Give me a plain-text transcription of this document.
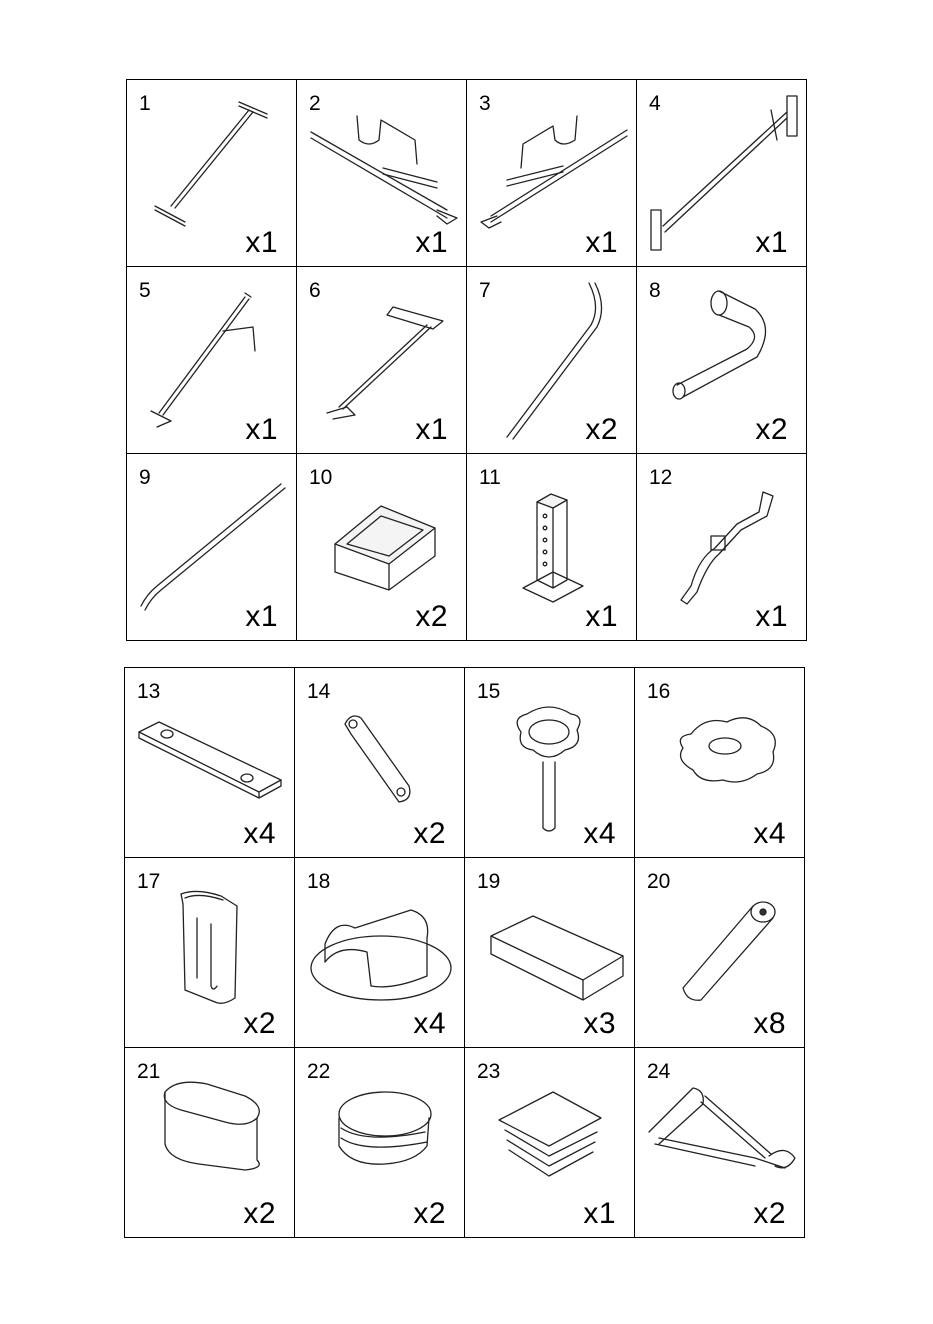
1
x1
2
x1
3
x1
4
x1
5
x1
6
x1
7
x2
8
x2
9
x1
10
x2
11
x1
12
x1
13
x4
14
x2
15
x4
16
x4
17
x2
18
x4
19
x3
20
x8
21
x2
22
x2
23
x1
24
x2
